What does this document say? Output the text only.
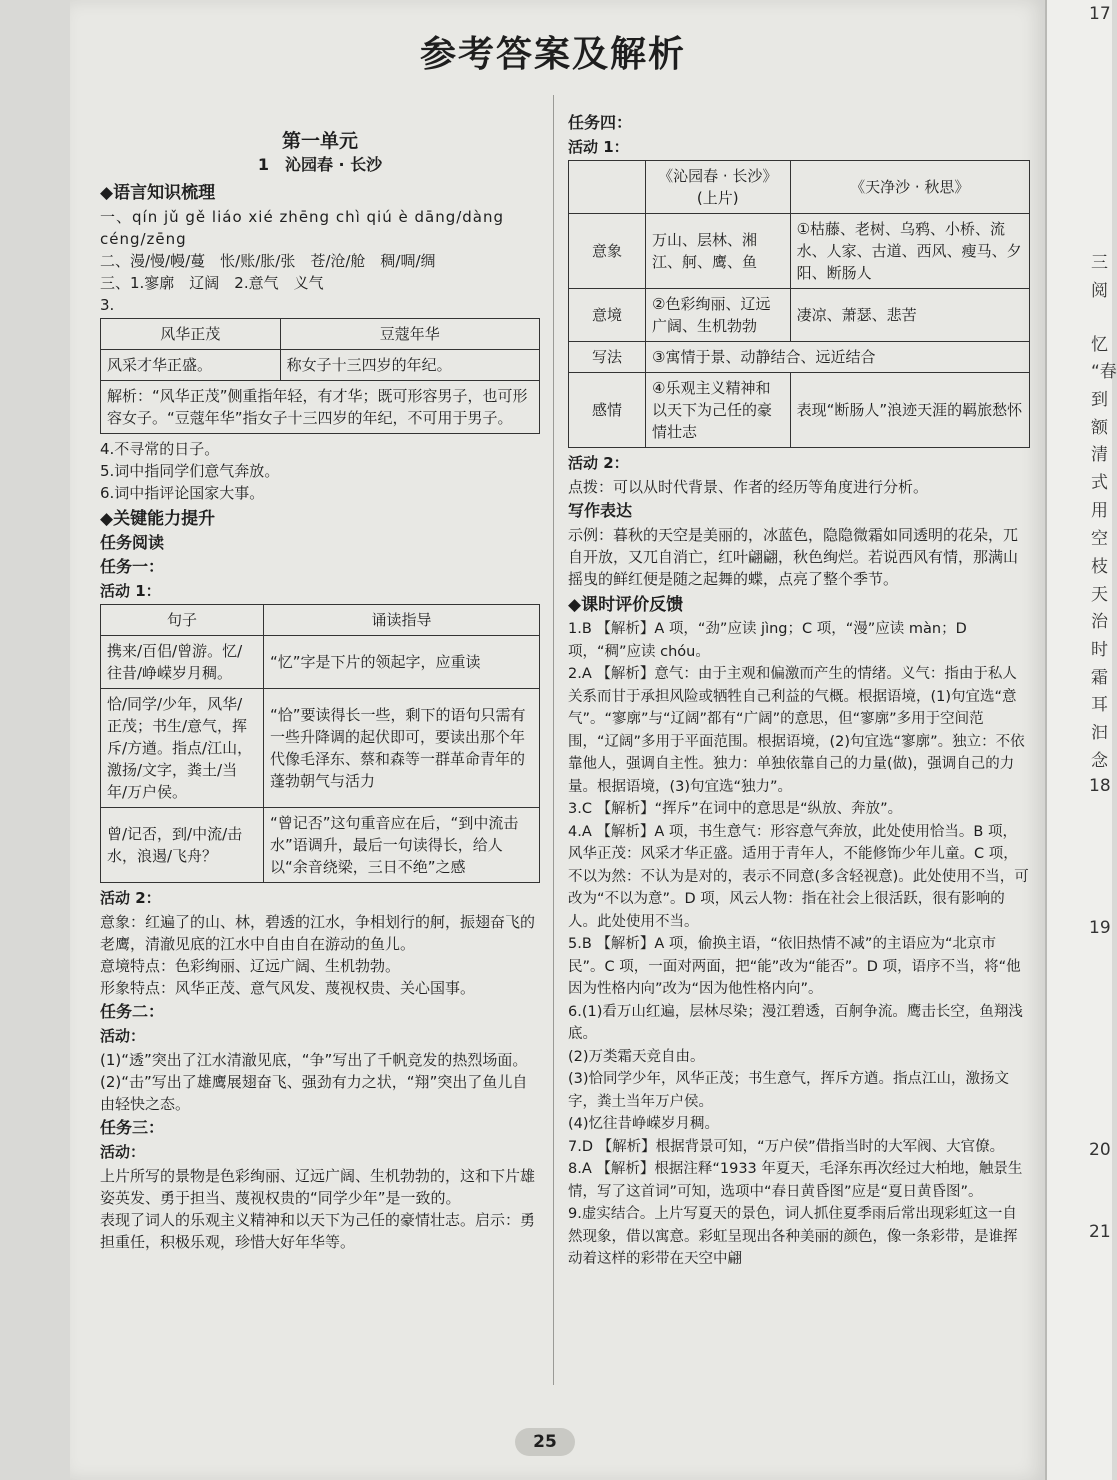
参考答案及解析
第一单元
1　沁园春 · 长沙
◆语言知识梳理

一、qín jǔ gě liáo xié zhēng chì qiú è dāng/dàng céng/zēng

二、漫/慢/幔/蔓　怅/账/胀/张　苍/沧/舱　稠/啁/绸

三、1.寥廓　辽阔　2.意气　义气

3.

风华正茂	豆蔻年华
风采才华正盛。	称女子十三四岁的年纪。
解析：“风华正茂”侧重指年轻，有才华；既可形容男子，也可形容女子。“豆蔻年华”指女子十三四岁的年纪，不可用于男子。	

4.不寻常的日子。

5.词中指同学们意气奔放。

6.词中指评论国家大事。

◆关键能力提升
任务阅读
任务一：
活动 1：
句子	诵读指导
携来/百侣/曾游。忆/往昔/峥嵘岁月稠。	“忆”字是下片的领起字，应重读
恰/同学/少年，风华/正茂；书生/意气，挥斥/方遒。指点/江山，激扬/文字，粪土/当年/万户侯。	“恰”要读得长一些，剩下的语句只需有一些升降调的起伏即可，要读出那个年代像毛泽东、蔡和森等一群革命青年的蓬勃朝气与活力
曾/记否，到/中流/击水，浪遏/飞舟？	“曾记否”这句重音应在后，“到中流击水”语调升，最后一句读得长，给人以“余音绕梁，三日不绝”之感
活动 2：

意象：红遍了的山、林，碧透的江水，争相划行的舸，振翅奋飞的老鹰，清澈见底的江水中自由自在游动的鱼儿。

意境特点：色彩绚丽、辽远广阔、生机勃勃。

形象特点：风华正茂、意气风发、蔑视权贵、关心国事。

任务二：
活动：

(1)“透”突出了江水清澈见底，“争”写出了千帆竞发的热烈场面。

(2)“击”写出了雄鹰展翅奋飞、强劲有力之状，“翔”突出了鱼儿自由轻快之态。

任务三：
活动：

上片所写的景物是色彩绚丽、辽远广阔、生机勃勃的，这和下片雄姿英发、勇于担当、蔑视权贵的“同学少年”是一致的。

表现了词人的乐观主义精神和以天下为己任的豪情壮志。启示：勇担重任，积极乐观，珍惜大好年华等。

任务四：
活动 1：
	《沁园春 · 长沙》(上片)	《天净沙 · 秋思》
意象	万山、层林、湘江、舸、鹰、鱼	①枯藤、老树、乌鸦、小桥、流水、人家、古道、西风、瘦马、夕阳、断肠人
意境	②色彩绚丽、辽远广阔、生机勃勃	凄凉、萧瑟、悲苦
写法	③寓情于景、动静结合、远近结合	
感情	④乐观主义精神和以天下为己任的豪情壮志	表现“断肠人”浪迹天涯的羁旅愁怀
活动 2：

点拨：可以从时代背景、作者的经历等角度进行分析。

写作表达

示例：暮秋的天空是美丽的，冰蓝色，隐隐微霜如同透明的花朵，兀自开放，又兀自消亡，红叶翩翩，秋色绚烂。若说西风有情，那满山摇曳的鲜红便是随之起舞的蝶，点亮了整个季节。

◆课时评价反馈

1.B 【解析】A 项，“劲”应读 jìng；C 项，“漫”应读 màn；D 项，“稠”应读 chóu。

2.A 【解析】意气：由于主观和偏激而产生的情绪。义气：指由于私人关系而甘于承担风险或牺牲自己利益的气概。根据语境，(1)句宜选“意气”。“寥廓”与“辽阔”都有“广阔”的意思，但“寥廓”多用于空间范围，“辽阔”多用于平面范围。根据语境，(2)句宜选“寥廓”。独立：不依靠他人，强调自主性。独力：单独依靠自己的力量(做)，强调自己的力量。根据语境，(3)句宜选“独力”。

3.C 【解析】“挥斥”在词中的意思是“纵放、奔放”。

4.A 【解析】A 项，书生意气：形容意气奔放，此处使用恰当。B 项，风华正茂：风采才华正盛。适用于青年人，不能修饰少年儿童。C 项，不以为然：不认为是对的，表示不同意(多含轻视意)。此处使用不当，可改为“不以为意”。D 项，风云人物：指在社会上很活跃，很有影响的人。此处使用不当。

5.B 【解析】A 项，偷换主语，“依旧热情不减”的主语应为“北京市民”。C 项，一面对两面，把“能”改为“能否”。D 项，语序不当，将“他因为性格内向”改为“因为他性格内向”。

6.(1)看万山红遍，层林尽染；漫江碧透，百舸争流。鹰击长空，鱼翔浅底。

(2)万类霜天竞自由。

(3)恰同学少年，风华正茂；书生意气，挥斥方遒。指点江山，激扬文字，粪土当年万户侯。

(4)忆往昔峥嵘岁月稠。

7.D 【解析】根据背景可知，“万户侯”借指当时的大军阀、大官僚。

8.A 【解析】根据注释“1933 年夏天，毛泽东再次经过大柏地，触景生情，写了这首词”可知，选项中“春日黄昏图”应是“夏日黄昏图”。

9.虚实结合。上片写夏天的景色，词人抓住夏季雨后常出现彩虹这一自然现象，借以寓意。彩虹呈现出各种美丽的颜色，像一条彩带，是谁挥动着这样的彩带在天空中翩

25
17
三
阅
忆
“春
到
额
清
式
用
空
枝
天
治
时
霜
耳
汩
念
18
19
20
21
